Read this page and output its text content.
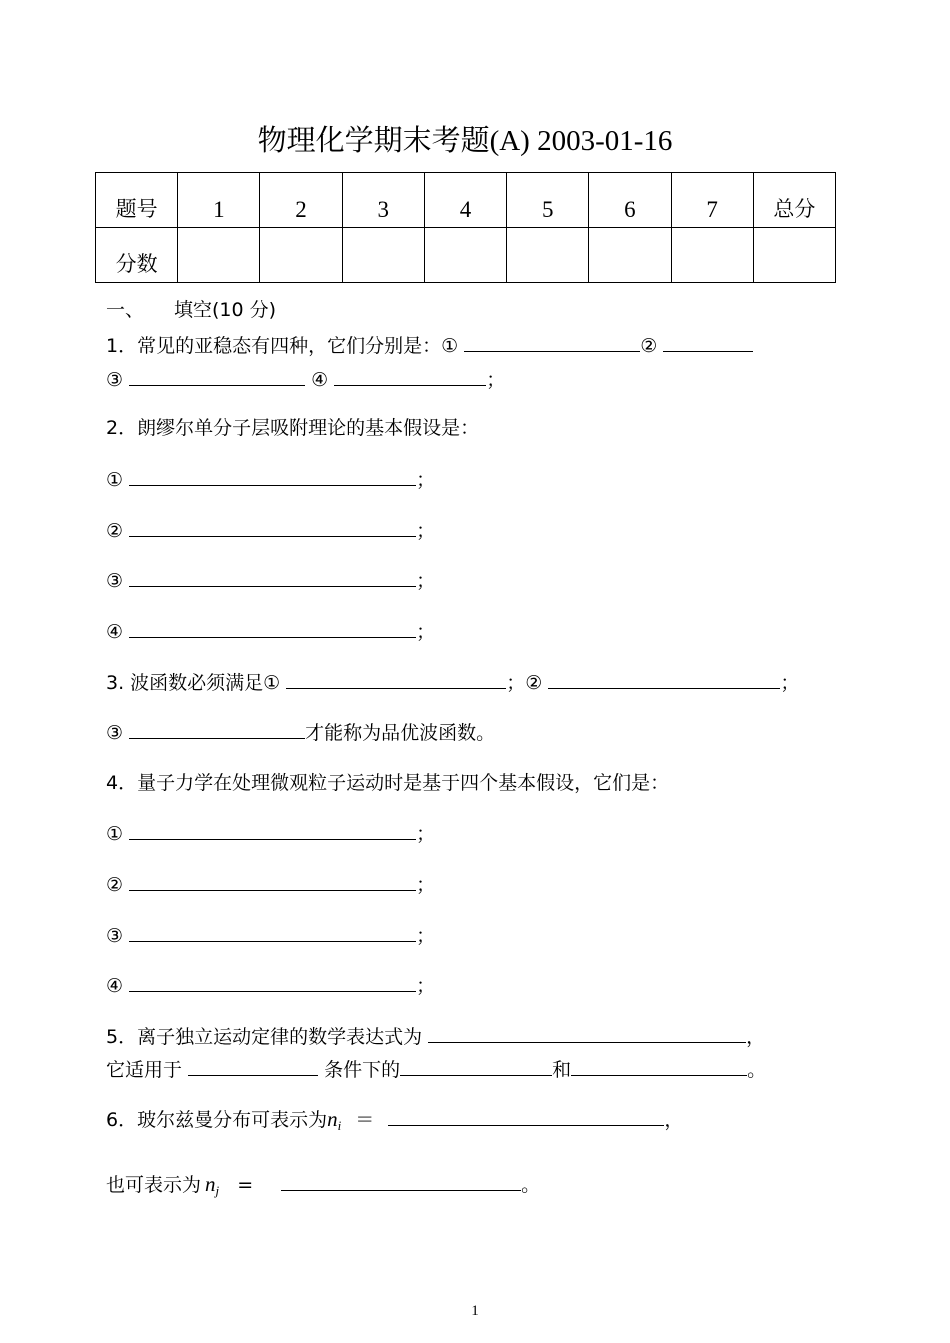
物理化学期末考题(A) 2003-01-16
题号	1	2	3	4	5	6	7	总分
分数								
一、 填空(10 分)
1．常见的亚稳态有四种，它们分别是：①	②
③	④	；
2．朗缪尔单分子层吸附理论的基本假设是：
①	；
②	；
③	；
④	；
3. 波函数必须满足①	；②	；
③	才能称为品优波函数。
4．量子力学在处理微观粒子运动时是基于四个基本假设，它们是：
①	；
②	；
③	；
④	；
5．离子独立运动定律的数学表达式为	，
它适用于	条件下的	和	。
6．玻尔兹曼分布可表示为$n_i$ ＝	，
也可表示为 $n_j$ =	。
1
